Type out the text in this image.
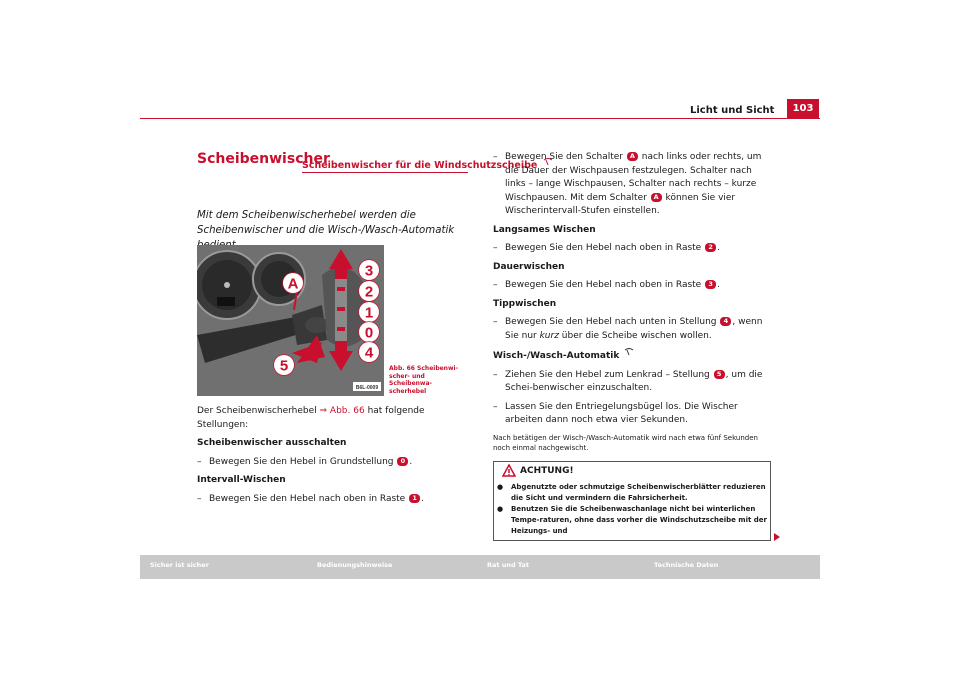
Licht und Sicht	103
Scheibenwischer
Scheibenwischer für die Windschutzscheibe
Mit dem Scheibenwischerhebel werden die Scheibenwischer und die Wisch-/Wasch-Automatik
A
3
2
1
0
4
5
B6L-0009
Abb. 66 Scheibenwi-scher- und Scheibenwa-scherhebel

Der Scheibenwischerhebel ⇒ Abb. 66 hat folgende Stellungen:

Scheibenwischer ausschalten

– Bewegen Sie den Hebel in Grundstellung 0 .

Intervall-Wischen

– Bewegen Sie den Hebel nach oben in Raste 1 .

– Bewegen Sie den Schalter A nach links oder rechts, um die Dauer der Wischpausen festzulegen. Schalter nach links – lange Wischpausen, Schalter nach rechts – kurze Wischpausen. Mit dem Schalter A können Sie vier Wischerintervall-Stufen einstellen.

Langsames Wischen

– Bewegen Sie den Hebel nach oben in Raste 2 .

Dauerwischen

– Bewegen Sie den Hebel nach oben in Raste 3 .

Tippwischen

– Bewegen Sie den Hebel nach unten in Stellung 4 , wenn Sie nur kurz über die Scheibe wischen wollen.

Wisch-/Wasch-Automatik

– Ziehen Sie den Hebel zum Lenkrad – Stellung 5 , um die Schei-benwischer einzuschalten.

– Lassen Sie den Entriegelungsbügel los. Die Wischer arbeiten dann noch etwa vier Sekunden.

Nach betätigen der Wisch-/Wasch-Automatik wird nach etwa fünf Sekunden noch einmal nachgewischt.

ACHTUNG!
● Abgenutzte oder schmutzige Scheibenwischerblätter reduzieren die Sicht und vermindern die Fahrsicherheit.
● Benutzen Sie die Scheibenwaschanlage nicht bei winterlichen Tempe-raturen, ohne dass vorher die Windschutzscheibe mit der Heizungs- und
Sicher ist sicher	Bedienungshinweise	Rat und Tat	Technische Daten
